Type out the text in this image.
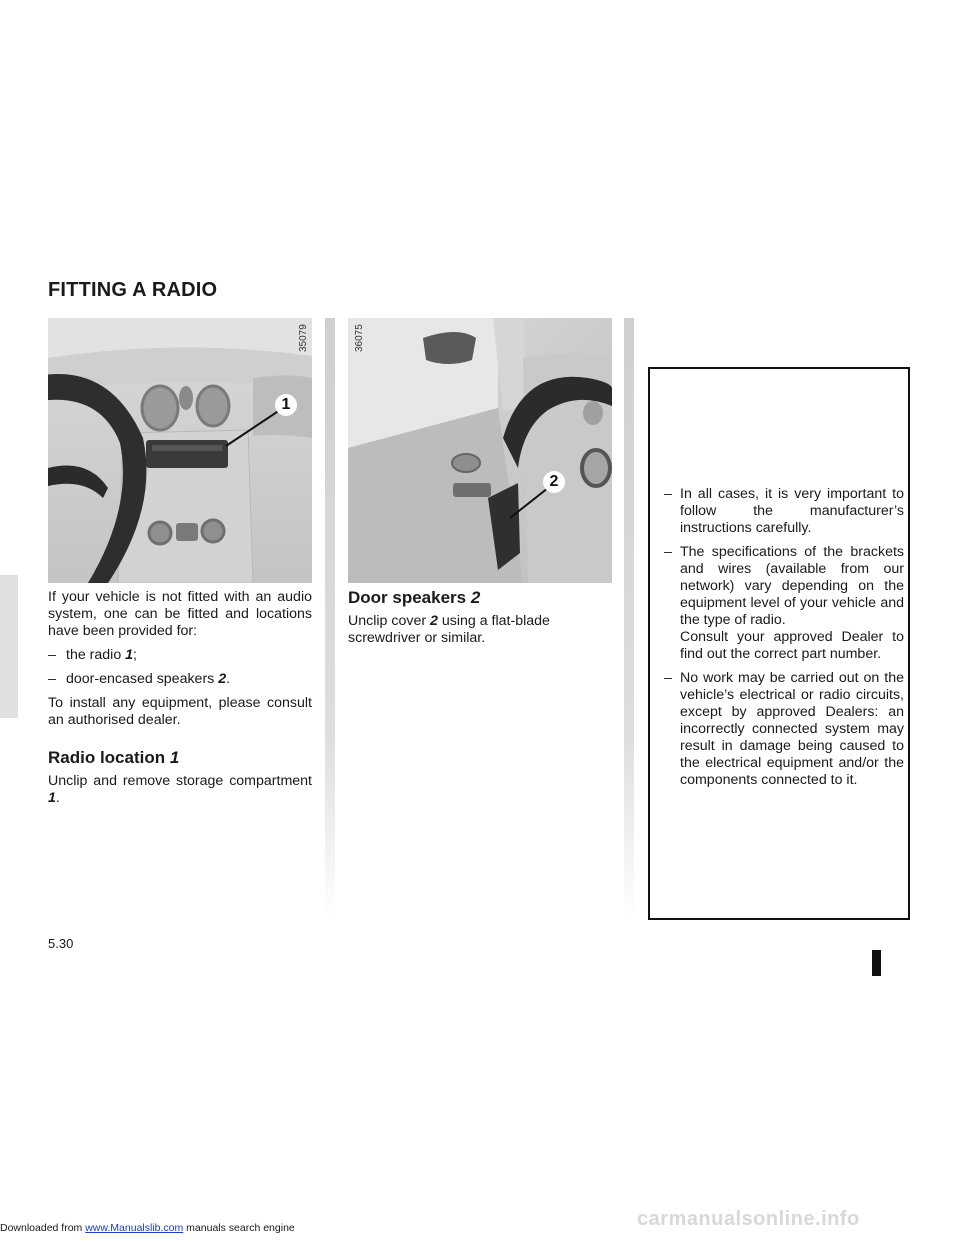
FITTING A RADIO
1
35079
2
36075

If your vehicle is not fitted with an audio system, one can be fitted and locations have been provided for:

– the radio 1;
– door-encased speakers 2.

To install any equipment, please consult an authorised dealer.

Radio location 1

Unclip and remove storage compartment 1.

Door speakers 2

Unclip cover 2 using a flat-blade screwdriver or similar.

– In all cases, it is very important to follow the manufacturer’s instructions carefully.
– The specifications of the brackets and wires (available from our network) vary depending on the equipment level of your vehicle and the type of radio.
Consult your approved Dealer to find out the correct part number.
– No work may be carried out on the vehicle’s electrical or radio circuits, except by approved Dealers: an incorrectly connected system may result in damage being caused to the electrical equipment and/or the components connected to it.
5.30
Downloaded from www.Manualslib.com manuals search engine	carmanualsonline.info
